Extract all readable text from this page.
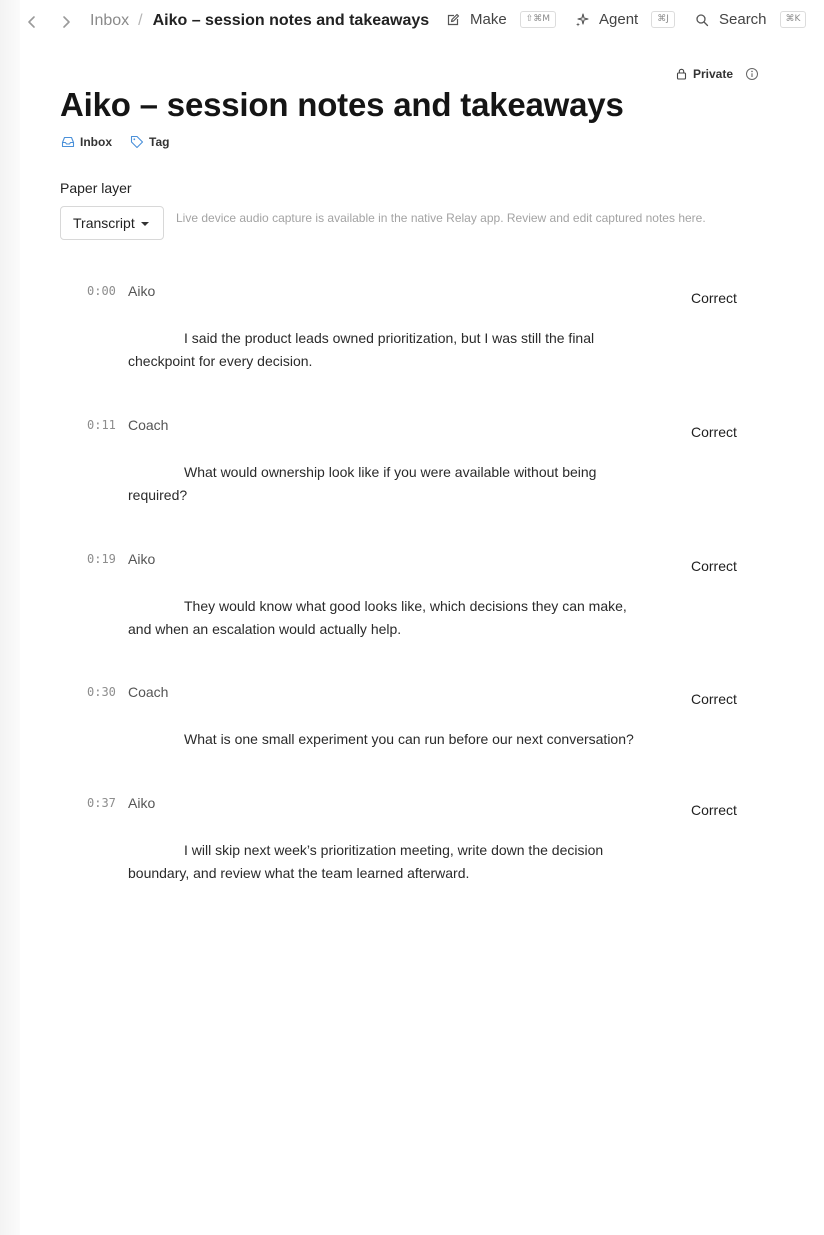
Inbox / Aiko – session notes and takeaways	Make	⇧⌘M	Agent	⌘J	Search	⌘K
Private
Aiko – session notes and takeaways
Inbox	Tag
Paper layer
Transcript	Live device audio capture is available in the native Relay app. Review and edit captured notes here.
0:00 Aiko	Correct
I said the product leads owned prioritization, but I was still the final checkpoint for every decision.
0:11 Coach	Correct
What would ownership look like if you were available without being required?
0:19 Aiko	Correct
They would know what good looks like, which decisions they can make, and when an escalation would actually help.
0:30 Coach	Correct
What is one small experiment you can run before our next conversation?
0:37 Aiko	Correct
I will skip next week’s prioritization meeting, write down the decision boundary, and review what the team learned afterward.
